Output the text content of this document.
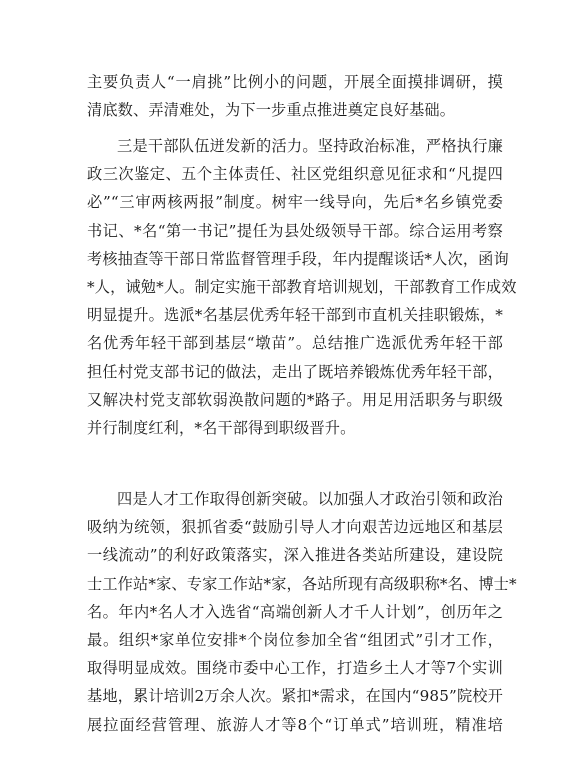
主要负责人“一肩挑”比例小的问题，开展全面摸排调研，摸
清底数、弄清难处，为下一步重点推进奠定良好基础。
三是干部队伍迸发新的活力。坚持政治标准，严格执行廉
政三次鉴定、五个主体责任、社区党组织意见征求和“凡提四
必”“三审两核两报”制度。树牢一线导向，先后*名乡镇党委
书记、*名“第一书记”提任为县处级领导干部。综合运用考察
考核抽查等干部日常监督管理手段，年内提醒谈话*人次，函询
*人，诫勉*人。制定实施干部教育培训规划，干部教育工作成效
明显提升。选派*名基层优秀年轻干部到市直机关挂职锻炼，*
名优秀年轻干部到基层“墩苗”。总结推广选派优秀年轻干部
担任村党支部书记的做法，走出了既培养锻炼优秀年轻干部，
又解决村党支部软弱涣散问题的*路子。用足用活职务与职级
并行制度红利，*名干部得到职级晋升。
四是人才工作取得创新突破。以加强人才政治引领和政治
吸纳为统领，狠抓省委“鼓励引导人才向艰苦边远地区和基层
一线流动”的利好政策落实，深入推进各类站所建设，建设院
士工作站*家、专家工作站*家，各站所现有高级职称*名、博士*
名。年内*名人才入选省“高端创新人才千人计划”，创历年之
最。组织*家单位安排*个岗位参加全省“组团式”引才工作，
取得明显成效。围绕市委中心工作，打造乡土人才等7个实训
基地，累计培训2万余人次。紧扣*需求，在国内“985”院校开
展拉面经营管理、旅游人才等8个“订单式”培训班，精准培
